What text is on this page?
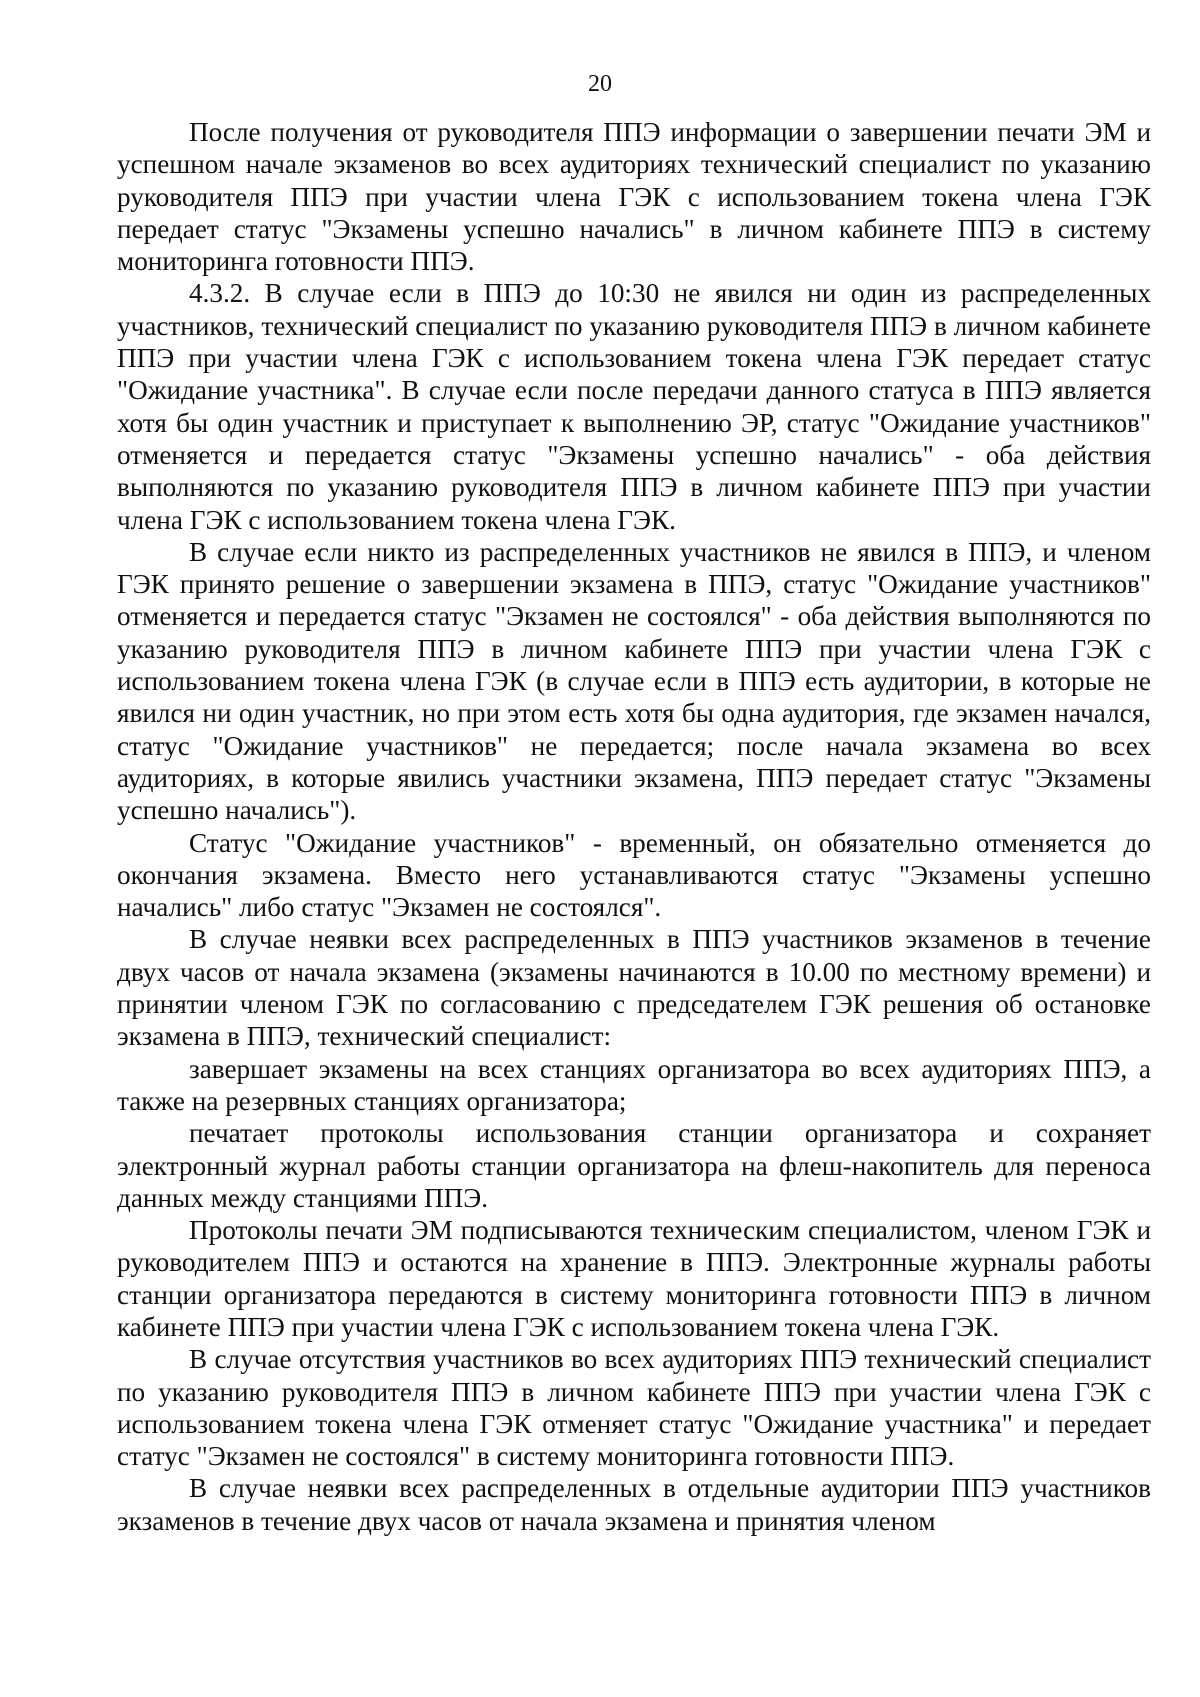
20

После получения от руководителя ППЭ информации о завершении печати ЭМ и успешном начале экзаменов во всех аудиториях технический специалист по указанию руководителя ППЭ при участии члена ГЭК с использованием токена члена ГЭК передает статус "Экзамены успешно начались" в личном кабинете ППЭ в систему мониторинга готовности ППЭ.

4.3.2. В случае если в ППЭ до 10:30 не явился ни один из распределенных участников, технический специалист по указанию руководителя ППЭ в личном кабинете ППЭ при участии члена ГЭК с использованием токена члена ГЭК передает статус "Ожидание участника". В случае если после передачи данного статуса в ППЭ является хотя бы один участник и приступает к выполнению ЭР, статус "Ожидание участников" отменяется и передается статус "Экзамены успешно начались" - оба действия выполняются по указанию руководителя ППЭ в личном кабинете ППЭ при участии члена ГЭК с использованием токена члена ГЭК.

В случае если никто из распределенных участников не явился в ППЭ, и членом ГЭК принято решение о завершении экзамена в ППЭ, статус "Ожидание участников" отменяется и передается статус "Экзамен не состоялся" - оба действия выполняются по указанию руководителя ППЭ в личном кабинете ППЭ при участии члена ГЭК с использованием токена члена ГЭК (в случае если в ППЭ есть аудитории, в которые не явился ни один участник, но при этом есть хотя бы одна аудитория, где экзамен начался, статус "Ожидание участников" не передается; после начала экзамена во всех аудиториях, в которые явились участники экзамена, ППЭ передает статус "Экзамены успешно начались").

Статус "Ожидание участников" - временный, он обязательно отменяется до окончания экзамена. Вместо него устанавливаются статус "Экзамены успешно начались" либо статус "Экзамен не состоялся".

В случае неявки всех распределенных в ППЭ участников экзаменов в течение двух часов от начала экзамена (экзамены начинаются в 10.00 по местному времени) и принятии членом ГЭК по согласованию с председателем ГЭК решения об остановке экзамена в ППЭ, технический специалист:

завершает экзамены на всех станциях организатора во всех аудиториях ППЭ, а также на резервных станциях организатора;

печатает протоколы использования станции организатора и сохраняет электронный журнал работы станции организатора на флеш-накопитель для переноса данных между станциями ППЭ.

Протоколы печати ЭМ подписываются техническим специалистом, членом ГЭК и руководителем ППЭ и остаются на хранение в ППЭ. Электронные журналы работы станции организатора передаются в систему мониторинга готовности ППЭ в личном кабинете ППЭ при участии члена ГЭК с использованием токена члена ГЭК.

В случае отсутствия участников во всех аудиториях ППЭ технический специалист по указанию руководителя ППЭ в личном кабинете ППЭ при участии члена ГЭК с использованием токена члена ГЭК отменяет статус "Ожидание участника" и передает статус "Экзамен не состоялся" в систему мониторинга готовности ППЭ.

В случае неявки всех распределенных в отдельные аудитории ППЭ участников экзаменов в течение двух часов от начала экзамена и принятия членом
